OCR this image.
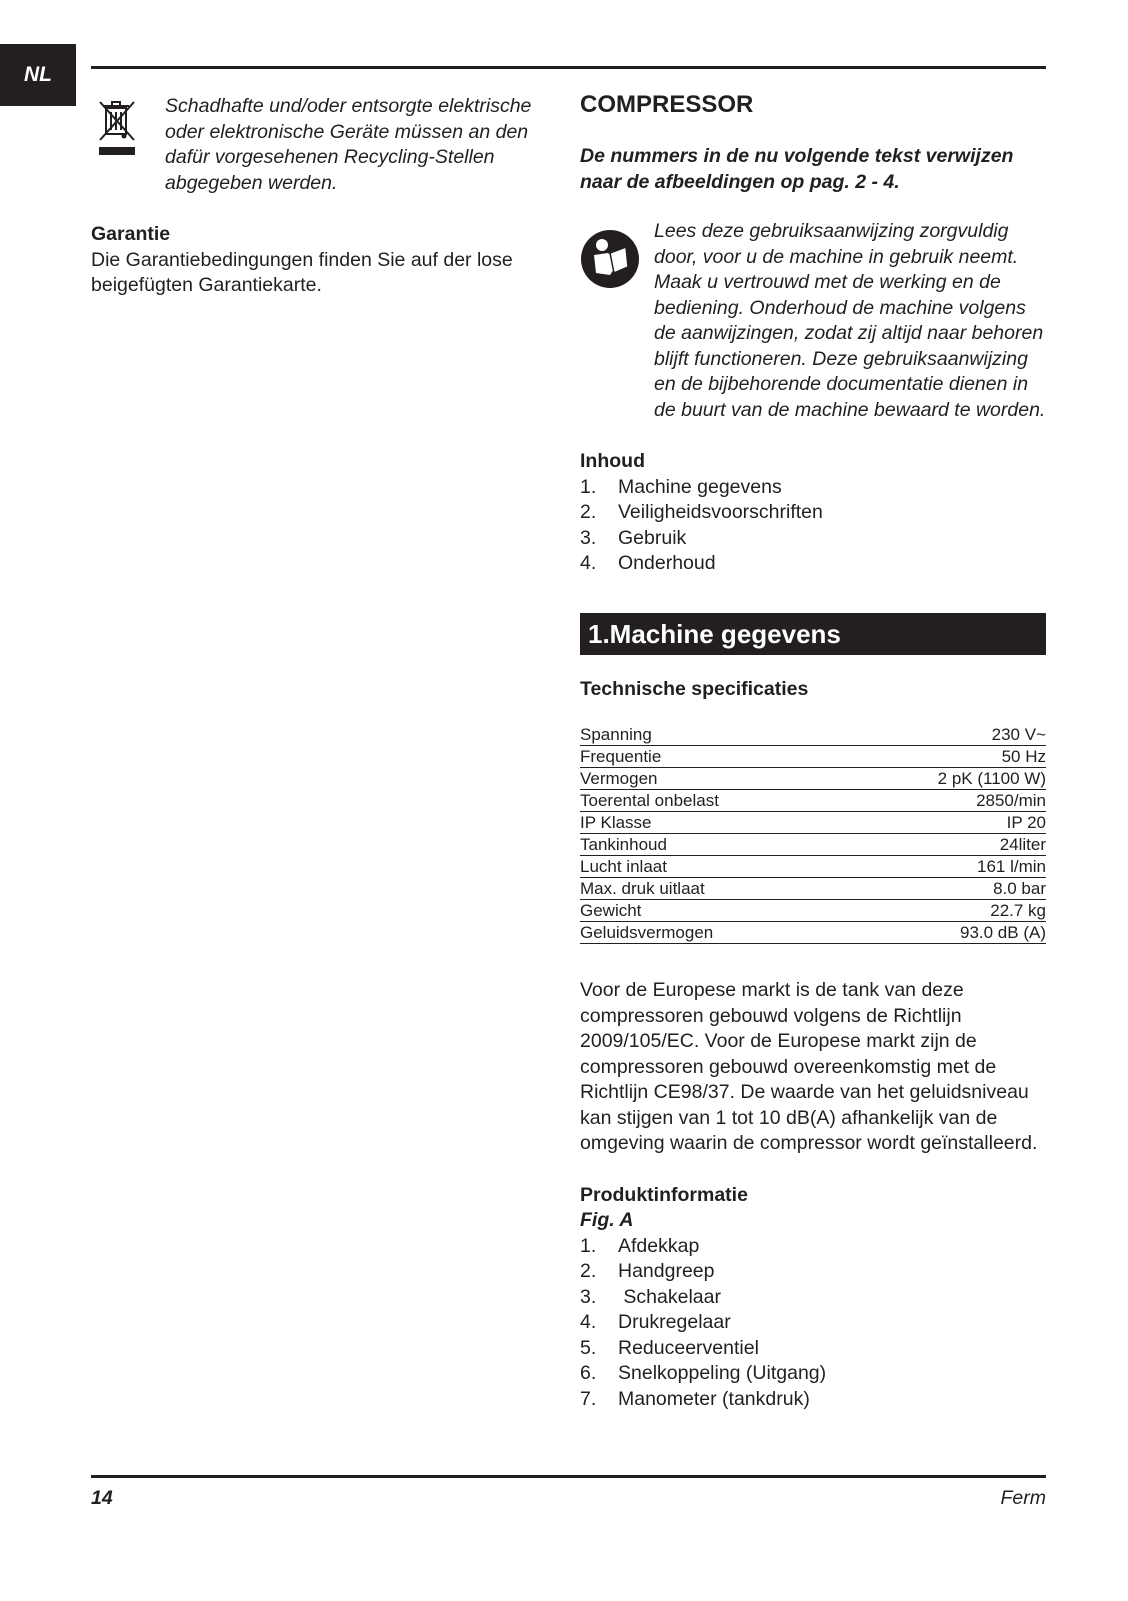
NL
Schadhafte und/oder entsorgte elektrische oder elektronische Geräte müssen an den dafür vorgesehenen Recycling-Stellen abgegeben werden.
Garantie
Die Garantiebedingungen finden Sie auf der lose beigefügten Garantiekarte.
COMPRESSOR
De nummers in de nu volgende tekst verwijzen naar de afbeeldingen op pag. 2 - 4.
Lees deze gebruiksaanwijzing zorgvuldig door, voor u de machine in gebruik neemt. Maak u vertrouwd met de werking en de bediening. Onderhoud de machine volgens de aanwijzingen, zodat zij altijd naar behoren blijft functioneren. Deze gebruiksaanwijzing en de bijbehorende documentatie dienen in de buurt van de machine bewaard te worden.
Inhoud
1.	Machine gegevens
2.	Veiligheidsvoorschriften
3.	Gebruik
4.	Onderhoud
1.Machine gegevens
Technische specificaties
Spanning	230 V~
Frequentie	50 Hz
Vermogen	2 pK (1100 W)
Toerental onbelast	2850/min
IP Klasse	IP 20
Tankinhoud	24liter
Lucht inlaat	161 l/min
Max. druk uitlaat	8.0 bar
Gewicht	22.7 kg
Geluidsvermogen	93.0 dB (A)
Voor de Europese markt is de tank van deze compressoren gebouwd volgens de Richtlijn 2009/105/EC. Voor de Europese markt zijn de compressoren gebouwd overeenkomstig met de Richtlijn CE98/37. De waarde van het geluidsniveau kan stijgen van 1 tot 10 dB(A) afhankelijk van de omgeving waarin de compressor wordt geïnstalleerd.
Produktinformatie
Fig. A
1.	Afdekkap
2.	Handgreep
3.	Schakelaar
4.	Drukregelaar
5.	Reduceerventiel
6.	Snelkoppeling (Uitgang)
7.	Manometer (tankdruk)
14	Ferm
